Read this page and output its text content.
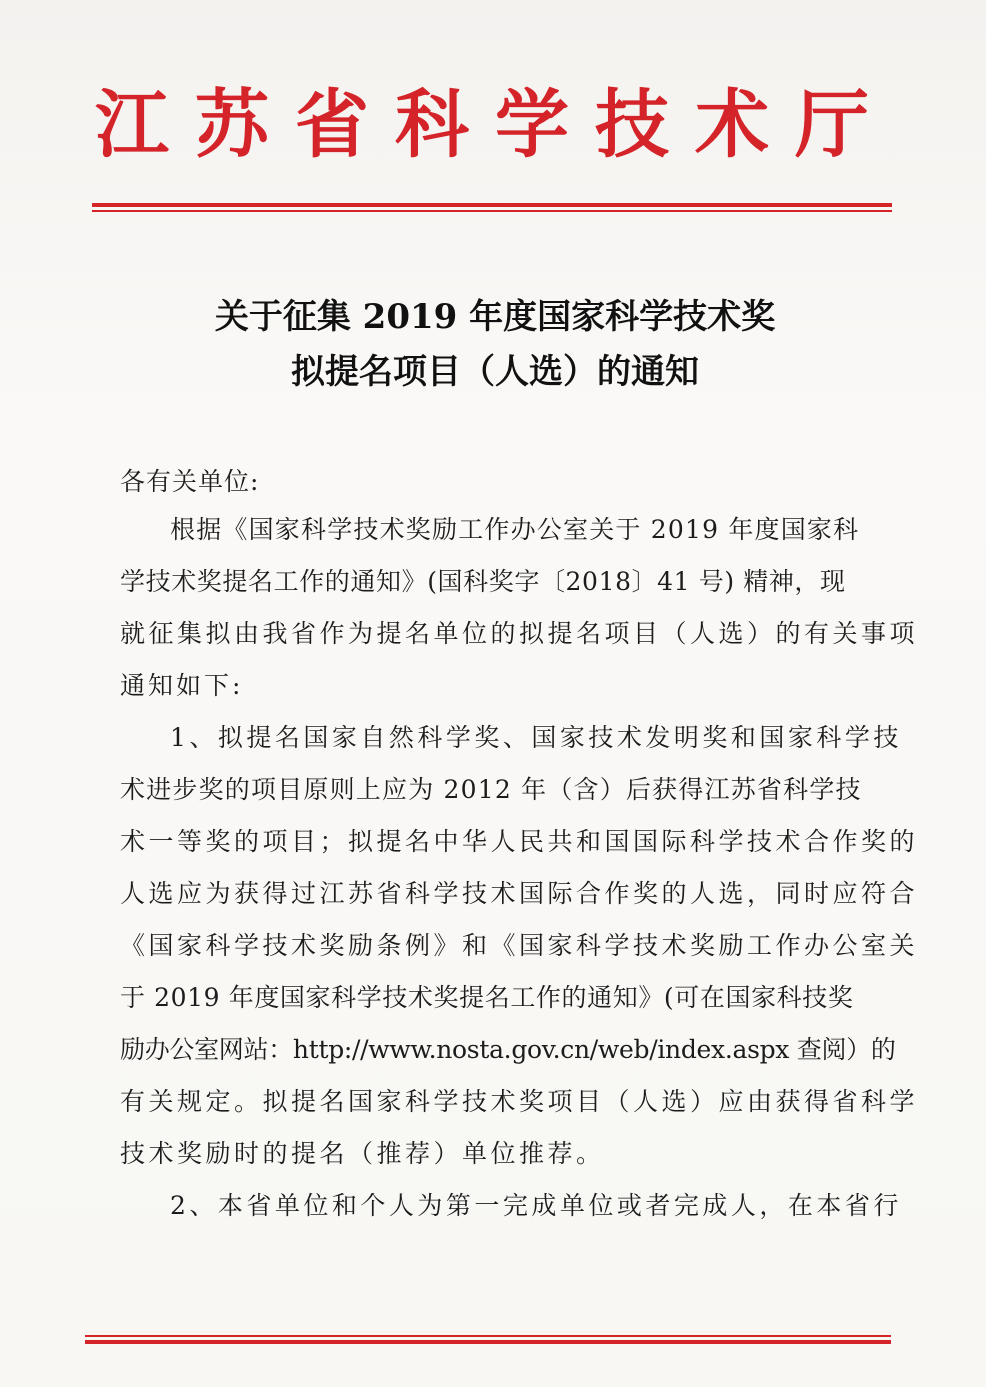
江苏省科学技术厅
关于征集 2019 年度国家科学技术奖
拟提名项目（人选）的通知
各有关单位:
根据《国家科学技术奖励工作办公室关于 2019 年度国家科
学技术奖提名工作的通知》(国科奖字〔2018〕41 号) 精神，现
就征集拟由我省作为提名单位的拟提名项目（人选）的有关事项
通知如下:
1、拟提名国家自然科学奖、国家技术发明奖和国家科学技
术进步奖的项目原则上应为 2012 年（含）后获得江苏省科学技
术一等奖的项目；拟提名中华人民共和国国际科学技术合作奖的
人选应为获得过江苏省科学技术国际合作奖的人选，同时应符合
《国家科学技术奖励条例》和《国家科学技术奖励工作办公室关
于 2019 年度国家科学技术奖提名工作的通知》(可在国家科技奖
励办公室网站：http://www.nosta.gov.cn/web/index.aspx 查阅）的
有关规定。拟提名国家科学技术奖项目（人选）应由获得省科学
技术奖励时的提名（推荐）单位推荐。
2、本省单位和个人为第一完成单位或者完成人，在本省行
